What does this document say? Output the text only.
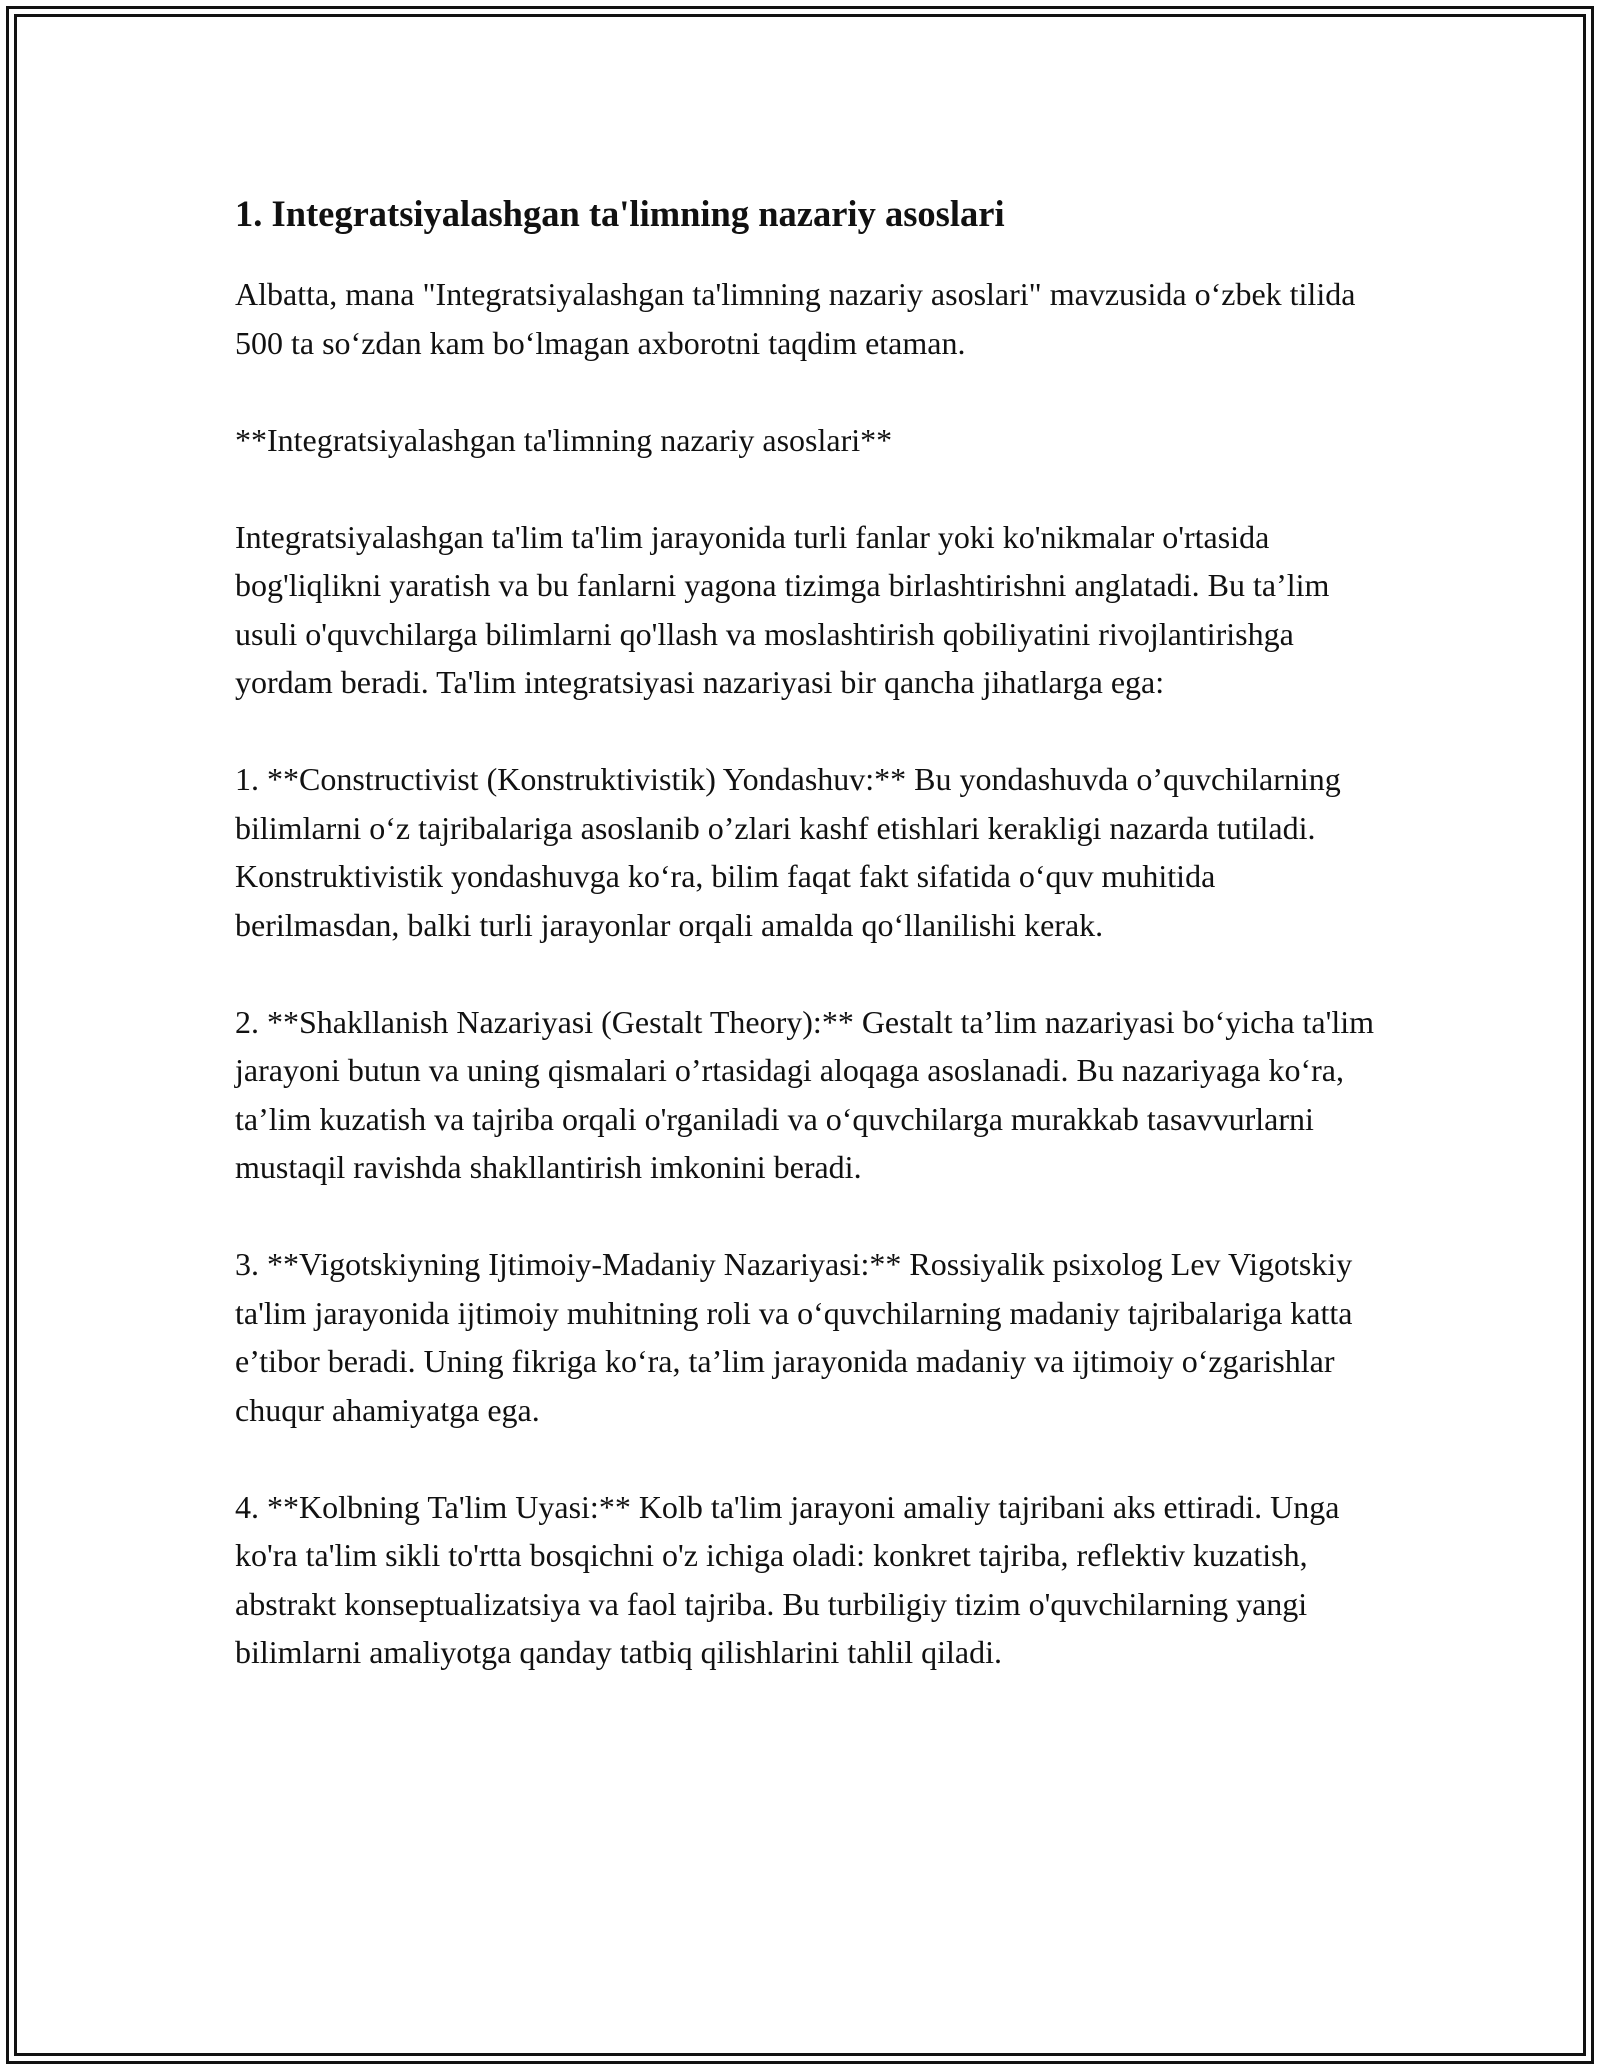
1. Integratsiyalashgan ta'limning nazariy asoslari

Albatta, mana "Integratsiyalashgan ta'limning nazariy asoslari" mavzusida o‘zbek tilida 500 ta so‘zdan kam bo‘lmagan axborotni taqdim etaman.

**Integratsiyalashgan ta'limning nazariy asoslari**

Integratsiyalashgan ta'lim ta'lim jarayonida turli fanlar yoki ko'nikmalar o'rtasida bog'liqlikni yaratish va bu fanlarni yagona tizimga birlashtirishni anglatadi. Bu ta’lim usuli o'quvchilarga bilimlarni qo'llash va moslashtirish qobiliyatini rivojlantirishga yordam beradi. Ta'lim integratsiyasi nazariyasi bir qancha jihatlarga ega:

1. **Constructivist (Konstruktivistik) Yondashuv:** Bu yondashuvda o’quvchilarning bilimlarni o‘z tajribalariga asoslanib o’zlari kashf etishlari kerakligi nazarda tutiladi. Konstruktivistik yondashuvga ko‘ra, bilim faqat fakt sifatida o‘quv muhitida berilmasdan, balki turli jarayonlar orqali amalda qo‘llanilishi kerak.

2. **Shakllanish Nazariyasi (Gestalt Theory):** Gestalt ta’lim nazariyasi bo‘yicha ta'lim jarayoni butun va uning qismalari o’rtasidagi aloqaga asoslanadi. Bu nazariyaga ko‘ra, ta’lim kuzatish va tajriba orqali o'rganiladi va o‘quvchilarga murakkab tasavvurlarni mustaqil ravishda shakllantirish imkonini beradi.

3. **Vigotskiyning Ijtimoiy-Madaniy Nazariyasi:** Rossiyalik psixolog Lev Vigotskiy ta'lim jarayonida ijtimoiy muhitning roli va o‘quvchilarning madaniy tajribalariga katta e’tibor beradi. Uning fikriga ko‘ra, ta’lim jarayonida madaniy va ijtimoiy o‘zgarishlar chuqur ahamiyatga ega.

4. **Kolbning Ta'lim Uyasi:** Kolb ta'lim jarayoni amaliy tajribani aks ettiradi. Unga ko'ra ta'lim sikli to'rtta bosqichni o'z ichiga oladi: konkret tajriba, reflektiv kuzatish, abstrakt konseptualizatsiya va faol tajriba. Bu turbiligiy tizim o'quvchilarning yangi bilimlarni amaliyotga qanday tatbiq qilishlarini tahlil qiladi.
